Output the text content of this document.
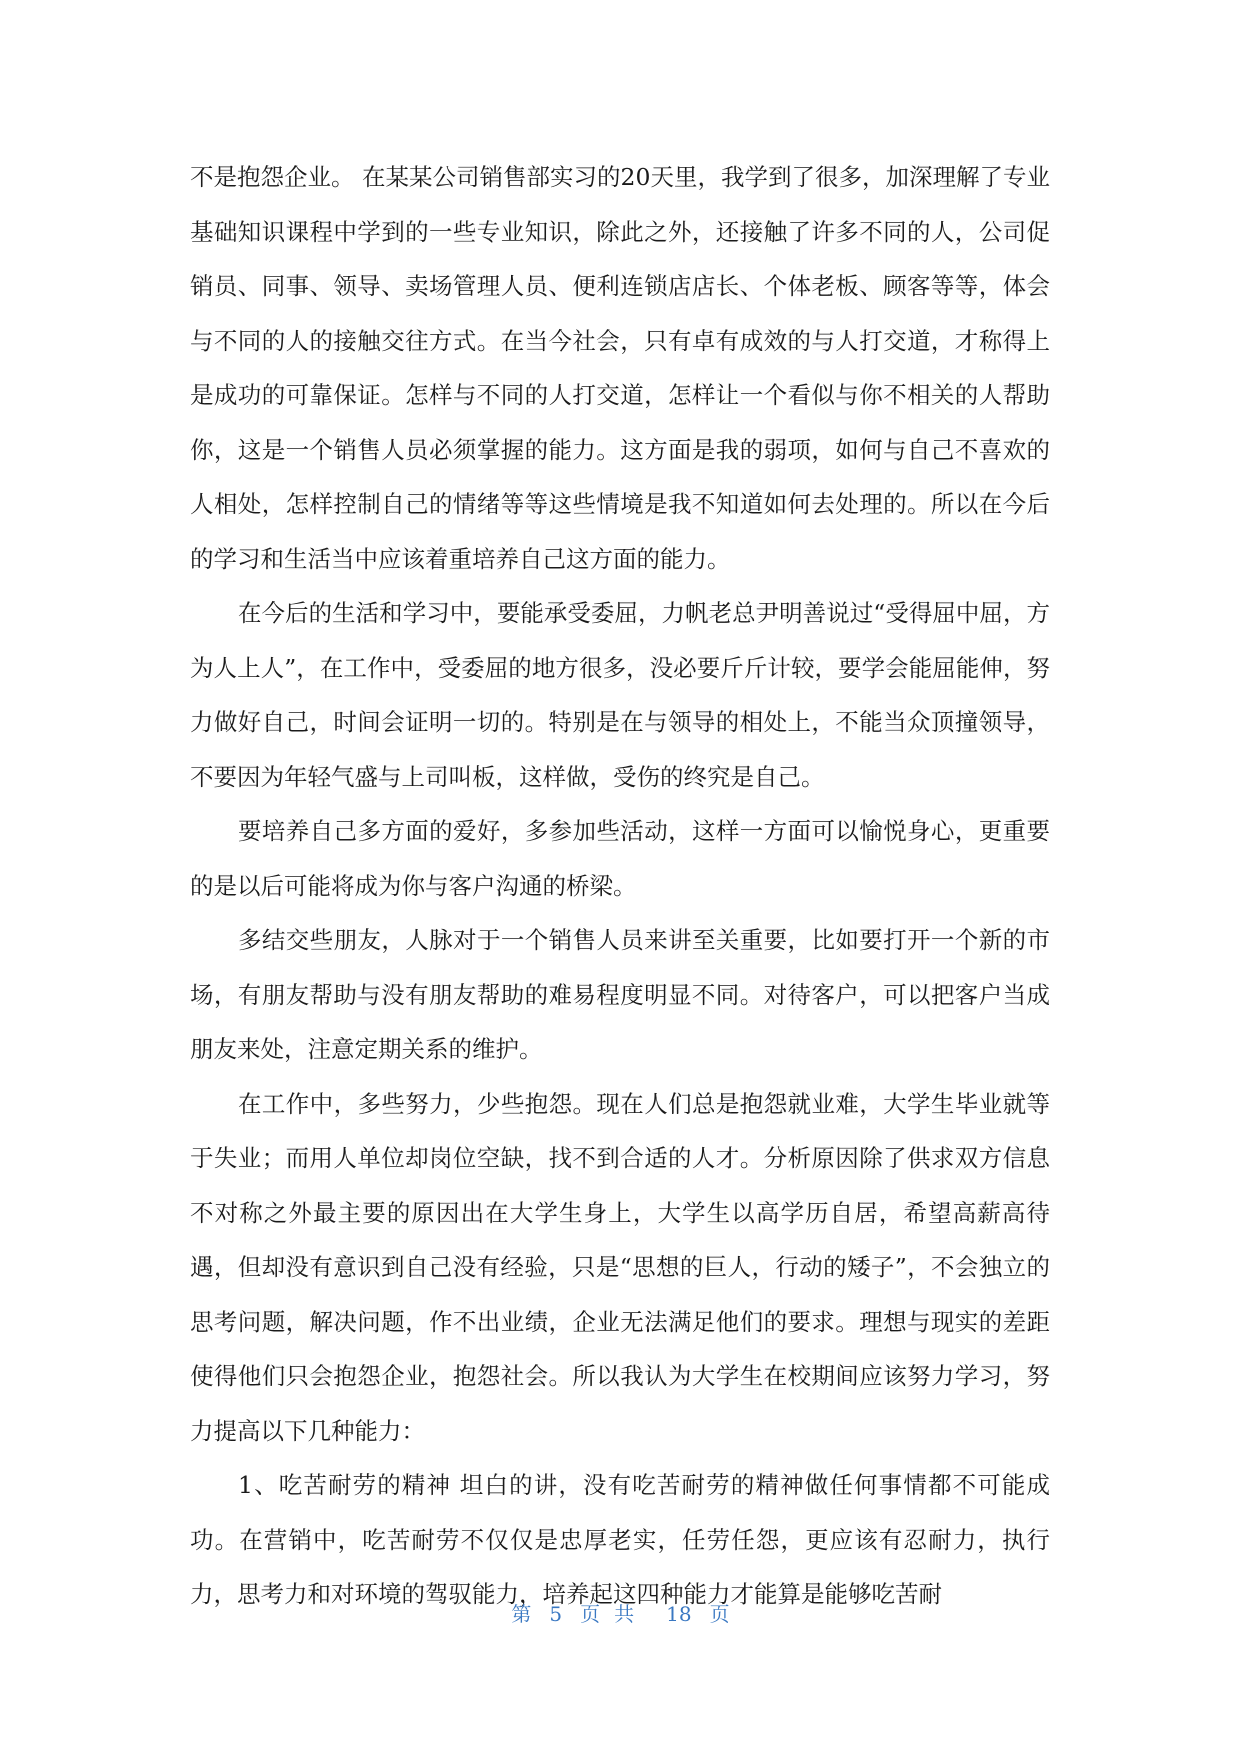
不是抱怨企业。 在某某公司销售部实习的20天里，我学到了很多，加深理解了专业基础知识课程中学到的一些专业知识，除此之外，还接触了许多不同的人，公司促销员、同事、领导、卖场管理人员、便利连锁店店长、个体老板、顾客等等，体会与不同的人的接触交往方式。在当今社会，只有卓有成效的与人打交道，才称得上是成功的可靠保证。怎样与不同的人打交道，怎样让一个看似与你不相关的人帮助你，这是一个销售人员必须掌握的能力。这方面是我的弱项，如何与自己不喜欢的人相处，怎样控制自己的情绪等等这些情境是我不知道如何去处理的。所以在今后的学习和生活当中应该着重培养自己这方面的能力。

在今后的生活和学习中，要能承受委屈，力帆老总尹明善说过“受得屈中屈，方为人上人”，在工作中，受委屈的地方很多，没必要斤斤计较，要学会能屈能伸，努力做好自己，时间会证明一切的。特别是在与领导的相处上，不能当众顶撞领导，不要因为年轻气盛与上司叫板，这样做，受伤的终究是自己。

要培养自己多方面的爱好，多参加些活动，这样一方面可以愉悦身心，更重要的是以后可能将成为你与客户沟通的桥梁。

多结交些朋友，人脉对于一个销售人员来讲至关重要，比如要打开一个新的市场，有朋友帮助与没有朋友帮助的难易程度明显不同。对待客户，可以把客户当成朋友来处，注意定期关系的维护。

在工作中，多些努力，少些抱怨。现在人们总是抱怨就业难，大学生毕业就等于失业；而用人单位却岗位空缺，找不到合适的人才。分析原因除了供求双方信息不对称之外最主要的原因出在大学生身上，大学生以高学历自居，希望高薪高待遇，但却没有意识到自己没有经验，只是“思想的巨人，行动的矮子”，不会独立的思考问题，解决问题，作不出业绩，企业无法满足他们的要求。理想与现实的差距使得他们只会抱怨企业，抱怨社会。所以我认为大学生在校期间应该努力学习，努力提高以下几种能力：

1、吃苦耐劳的精神 坦白的讲，没有吃苦耐劳的精神做任何事情都不可能成功。在营销中，吃苦耐劳不仅仅是忠厚老实，任劳任怨，更应该有忍耐力，执行力，思考力和对环境的驾驭能力，培养起这四种能力才能算是能够吃苦耐

第 5 页共 18 页
